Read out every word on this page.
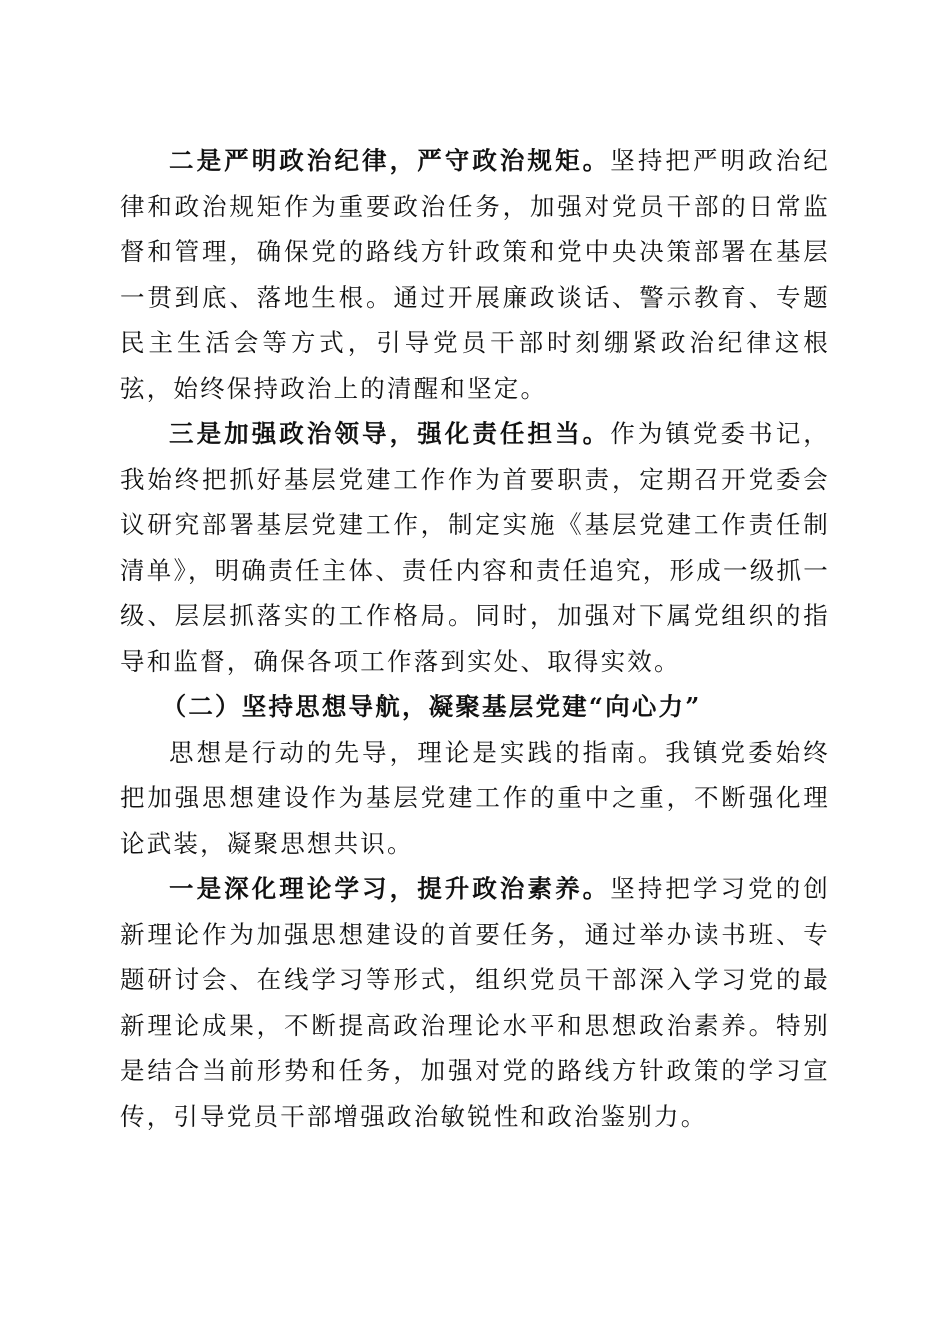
二是严明政治纪律，严守政治规矩。坚持把严明政治纪律和政治规矩作为重要政治任务，加强对党员干部的日常监督和管理，确保党的路线方针政策和党中央决策部署在基层一贯到底、落地生根。通过开展廉政谈话、警示教育、专题民主生活会等方式，引导党员干部时刻绷紧政治纪律这根弦，始终保持政治上的清醒和坚定。

三是加强政治领导，强化责任担当。作为镇党委书记，我始终把抓好基层党建工作作为首要职责，定期召开党委会议研究部署基层党建工作，制定实施《基层党建工作责任制清单》，明确责任主体、责任内容和责任追究，形成一级抓一级、层层抓落实的工作格局。同时，加强对下属党组织的指导和监督，确保各项工作落到实处、取得实效。

（二）坚持思想导航，凝聚基层党建“向心力”

思想是行动的先导，理论是实践的指南。我镇党委始终把加强思想建设作为基层党建工作的重中之重，不断强化理论武装，凝聚思想共识。

一是深化理论学习，提升政治素养。坚持把学习党的创新理论作为加强思想建设的首要任务，通过举办读书班、专题研讨会、在线学习等形式，组织党员干部深入学习党的最新理论成果，不断提高政治理论水平和思想政治素养。特别是结合当前形势和任务，加强对党的路线方针政策的学习宣传，引导党员干部增强政治敏锐性和政治鉴别力。
